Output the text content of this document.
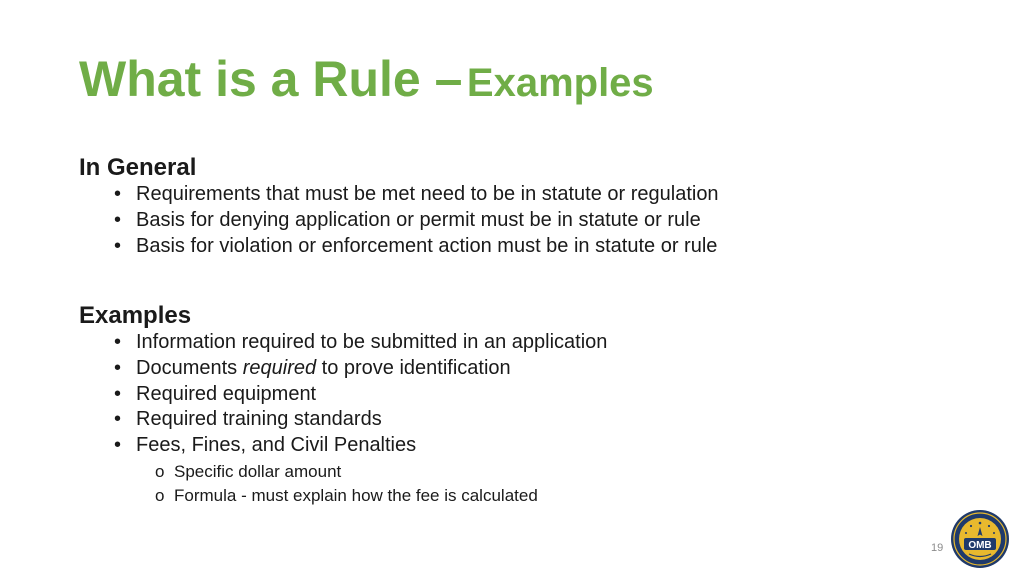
What is a Rule – Examples
In General
• Requirements that must be met need to be in statute or regulation
• Basis for denying application or permit must be in statute or rule
• Basis for violation or enforcement action must be in statute or rule
Examples
• Information required to be submitted in an application
• Documents required to prove identification
• Required equipment
• Required training standards
• Fees, Fines, and Civil Penalties
o Specific dollar amount
o Formula - must explain how the fee is calculated
19	OMB
